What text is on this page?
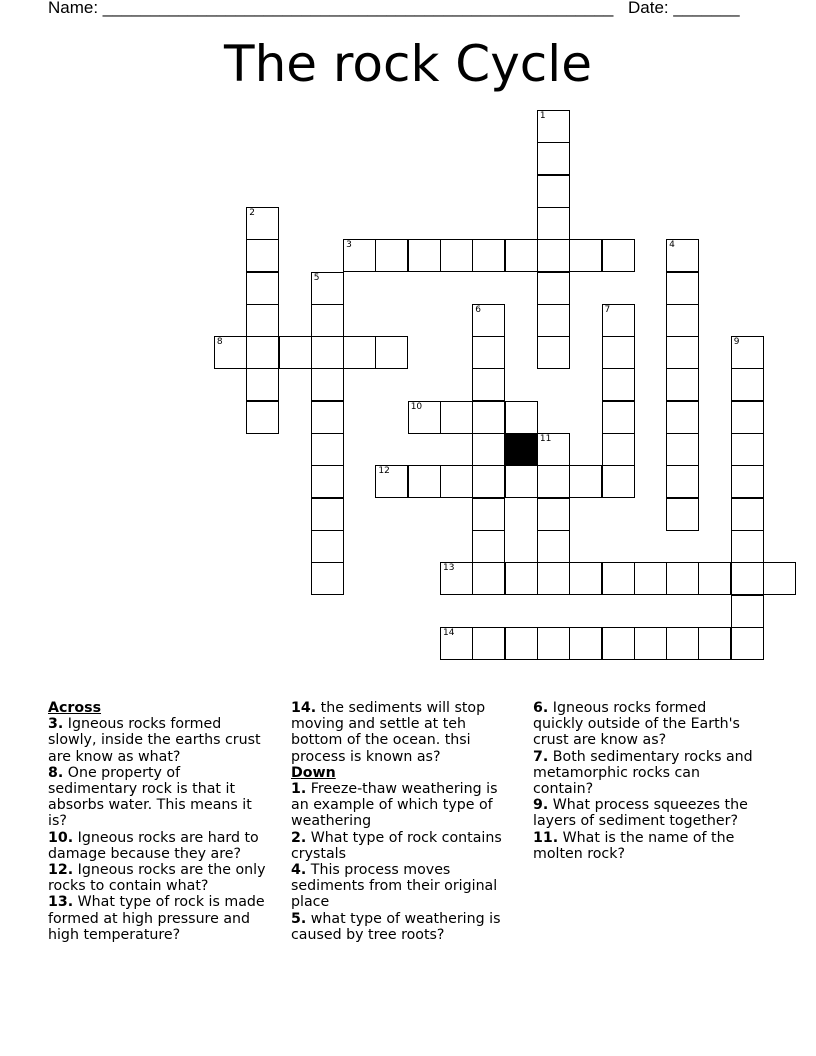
Name: ______________________________________________________ Date: _______
The rock Cycle
1
2
3	4
5
6	7
8	9
10
11
12
13
14
Across
3. Igneous rocks formed slowly, inside the earths crust are know as what?
8. One property of sedimentary rock is that it absorbs water. This means it is?
10. Igneous rocks are hard to damage because they are?
12. Igneous rocks are the only rocks to contain what?
13. What type of rock is made formed at high pressure and high temperature?
14. the sediments will stop moving and settle at teh bottom of the ocean. thsi process is known as?
Down
1. Freeze-thaw weathering is an example of which type of weathering
2. What type of rock contains crystals
4. This process moves sediments from their original place
5. what type of weathering is caused by tree roots?
6. Igneous rocks formed quickly outside of the Earth's crust are know as?
7. Both sedimentary rocks and metamorphic rocks can contain?
9. What process squeezes the layers of sediment together?
11. What is the name of the molten rock?
